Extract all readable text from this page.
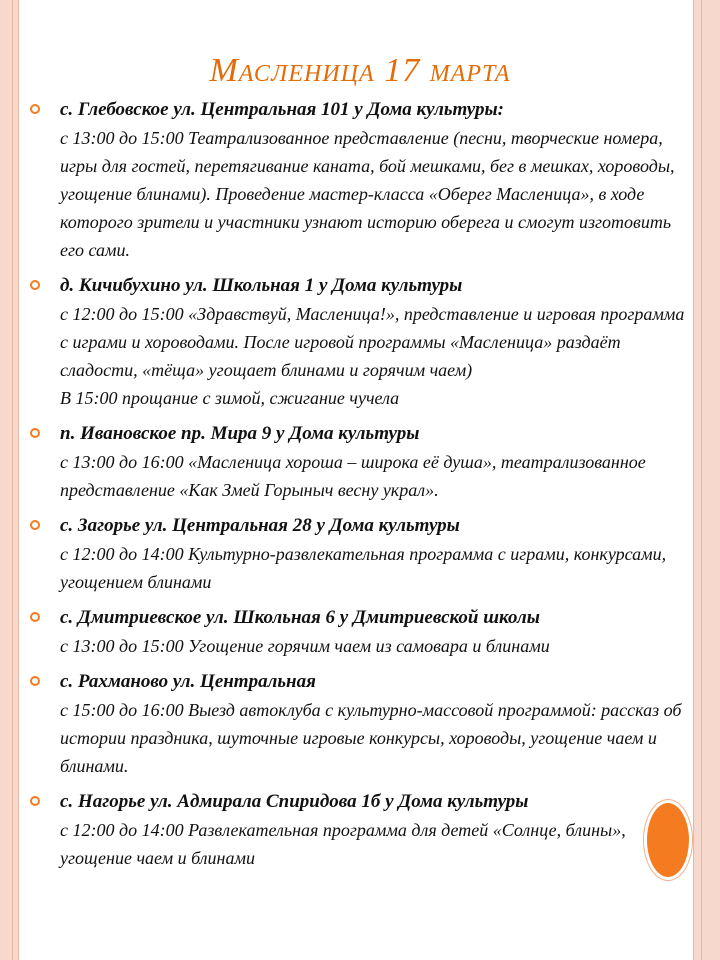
Масленица 17 марта
с. Глебовское ул. Центральная 101 у Дома культуры:
с 13:00 до 15:00 Театрализованное представление (песни, творческие номера, игры для гостей, перетягивание каната, бой мешками, бег в мешках, хороводы, угощение блинами). Проведение мастер-класса «Оберег Масленица», в ходе которого зрители и участники узнают историю оберега и смогут изготовить его сами.
д. Кичибухино ул. Школьная 1 у Дома культуры
с 12:00 до 15:00 «Здравствуй, Масленица!», представление и игровая программа с играми и хороводами. После игровой программы «Масленица» раздаёт сладости, «тёща» угощает блинами и горячим чаем)
В 15:00 прощание с зимой, сжигание чучела
п. Ивановское пр. Мира 9 у Дома культуры
с 13:00 до 16:00 «Масленица хороша – широка её душа», театрализованное представление «Как Змей Горыныч весну украл».
с. Загорье ул. Центральная 28 у Дома культуры
с 12:00 до 14:00 Культурно-развлекательная программа с играми, конкурсами, угощением блинами
с. Дмитриевское ул. Школьная 6 у Дмитриевской школы
с 13:00 до 15:00 Угощение горячим чаем из самовара и блинами
с. Рахманово ул. Центральная
с 15:00 до 16:00 Выезд автоклуба с культурно-массовой программой: рассказ об истории праздника, шуточные игровые конкурсы, хороводы, угощение чаем и блинами.
с. Нагорье ул. Адмирала Спиридова 1б у Дома культуры
с 12:00 до 14:00 Развлекательная программа для детей «Солнце, блины», угощение чаем и блинами
